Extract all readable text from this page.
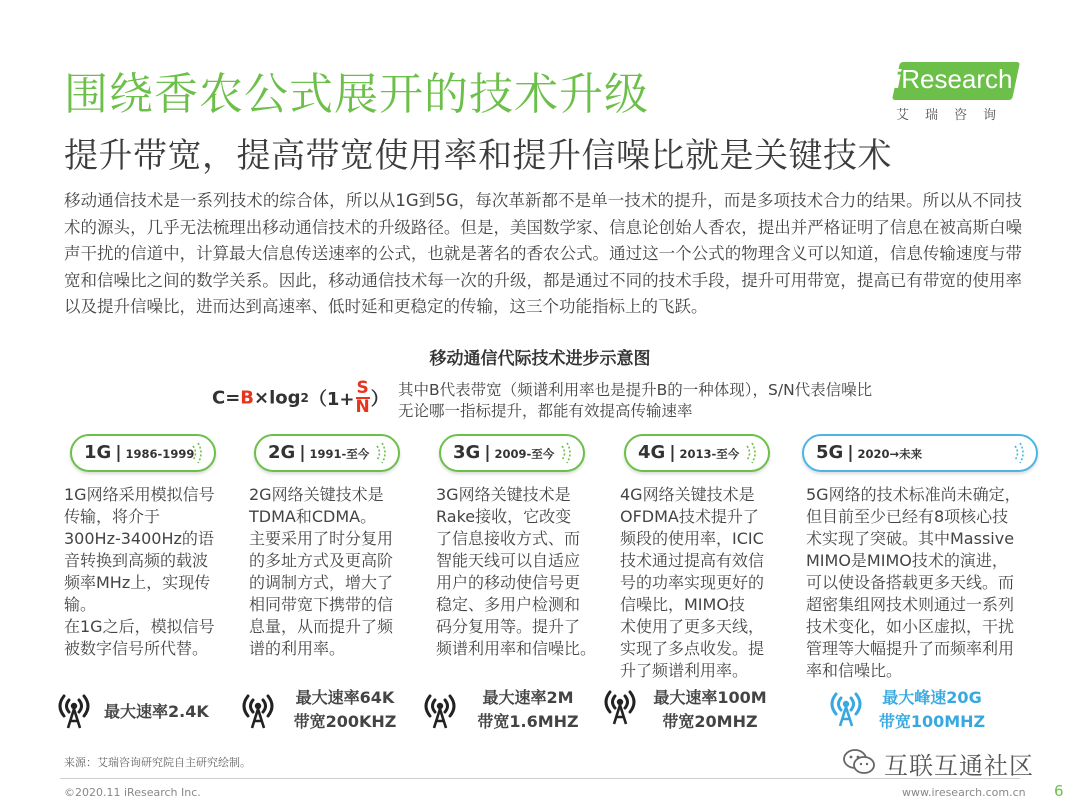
围绕香农公式展开的技术升级
提升带宽，提高带宽使用率和提升信噪比就是关键技术
iResearch
艾瑞咨询
移动通信技术是一系列技术的综合体，所以从1G到5G，每次革新都不是单一技术的提升，而是多项技术合力的结果。所以从不同技术的源头，几乎无法梳理出移动通信技术的升级路径。但是，美国数学家、信息论创始人香农，提出并严格证明了信息在被高斯白噪声干扰的信道中，计算最大信息传送速率的公式，也就是著名的香农公式。通过这一个公式的物理含义可以知道，信息传输速度与带宽和信噪比之间的数学关系。因此，移动通信技术每一次的升级，都是通过不同的技术手段，提升可用带宽，提高已有带宽的使用率以及提升信噪比，进而达到高速率、低时延和更稳定的传输，这三个功能指标上的飞跃。
移动通信代际技术进步示意图
$C=B\times\log 2(1+ \frac{S}{N}$ ） 其中B代表带宽（频谱利用率也是提升B的一种体现），S/N代表信噪比
无论哪一指标提升，都能有效提高传输速率
1G | 1986-1999	2G | 1991-至今	3G | 2009-至今	4G | 2013-至今	5G | 2020→未来
1G网络采用模拟信号
传输，将介于
300Hz-3400Hz的语
音转换到高频的载波
频率MHz上，实现传
输。
在1G之后，模拟信号
被数字信号所代替。
2G网络关键技术是
TDMA和CDMA。
主要采用了时分复用
的多址方式及更高阶
的调制方式，增大了
相同带宽下携带的信
息量，从而提升了频
谱的利用率。
3G网络关键技术是
Rake接收，它改变
了信息接收方式、而
智能天线可以自适应
用户的移动使信号更
稳定、多用户检测和
码分复用等。提升了
频谱利用率和信噪比。
4G网络关键技术是
OFDMA技术提升了
频段的使用率，ICIC
技术通过提高有效信
号的功率实现更好的
信噪比，MIMO技
术使用了更多天线，
实现了多点收发。提
升了频谱利用率。
5G网络的技术标准尚未确定，
但目前至少已经有8项核心技
术实现了突破。其中Massive
MIMO是MIMO技术的演进，
可以使设备搭载更多天线。而
超密集组网技术则通过一系列
技术变化，如小区虚拟，干扰
管理等大幅提升了而频率利用
率和信噪比。
最大速率2.4K
最大速率64K
带宽200KHZ
最大速率2M
带宽1.6MHZ
最大速率100M
带宽20MHZ
最大峰速20G
带宽100MHZ
来源：艾瑞咨询研究院自主研究绘制。
©2020.11 iResearch Inc.	www.iresearch.com.cn 6
互联互通社区
